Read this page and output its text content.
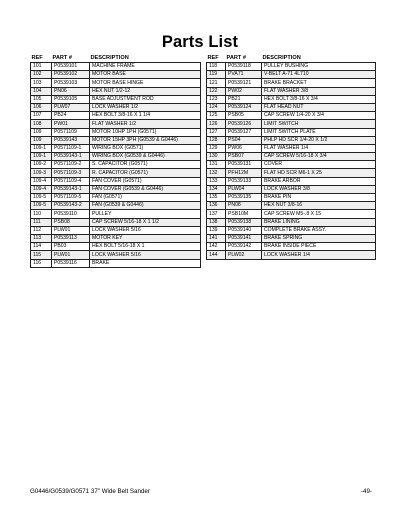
Parts List
REF	PART #	DESCRIPTION
101	P0539101	MACHINE FRAME
102	P0539102	MOTOR BASE
103	P0539103	MOTOR BASE HINGE
104	PN06	HEX NUT 1/2-12
105	P0539105	BASE ADJUSTMENT ROD
106	PLW07	LOCK WASHER 1/2
107	PB24	HEX BOLT 3/8-16 X 1 1/4
108	PW01	FLAT WASHER 1/2
109	P0571109	MOTOR 10HP 1PH (G0571)
109	P0539143	MOTOR 15HP 3PH (G0539 & G0446)
109-1	P0571109-1	WIRING BOX (G0571)
109-1	P0539143-1	WIRING BOX (G0539 & G0446)
109-2	P0571109-2	S. CAPACITOR (G0571)
109-3	P0571109-3	R. CAPACITOR (G0571)
109-4	P0571109-4	FAN COVER (G0571)
109-4	P0539143-1	FAN COVER (G0539 & G0446)
109-5	P0571109-5	FAN (G0571)
109-5	P0539143-2	FAN (G0539 & G0446)
110	P0539110	PULLEY
111	PSB08	CAP SCREW 5/16-18 X 1 1/2
112	PLW01	LOCK WASHER 5/16
113	P0539113	MOTOR KEY
114	PB03	HEX BOLT 5/16-18 X 1
115	PLW01	LOCK WASHER 5/16
116	P0539116	BRAKE
REF	PART #	DESCRIPTION
118	P0539118	PULLEY BUSHING
119	PVA71	V-BELT A-71 4L710
121	P0539121	BRAKE BRACKET
122	PW02	FLAT WASHER 3/8
123	PB21	HEX BOLT 3/8-16 X 3/4
124	P0539124	FLAT HEAD NUT
125	PSB05	CAP SCREW 1/4-20 X 3/4
126	P0539126	LIMIT SWITCH
127	P0539127	LIMIT SWITCH PLATE
128	PS04	PHLP HD SCR 1/4-20 X 1/2
129	PW06	FLAT WASHER 1/4
130	PSB07	CAP SCREW 5/16-18 X 3/4
131	P0539131	COVER
132	PFH12M	FLAT HD SCR M6-1 X 25
133	P0539133	BRAKE ARBOR
134	PLW04	LOCK WASHER 3/8
135	P0539135	BRAKE PIN
136	PN08	HEX NUT 3/8-16
137	PSB10M	CAP SCREW M5-.8 X 15
138	P0539138	BRAKE LINING
139	P0539140	COMPLETE BRAKE ASSY.
141	P0539141	BRAKE SPRING
142	P0539142	BRAKE INSIDE PIECE
144	PLW02	LOCK WASHER 1/4
G0446/G0539/G0571 37" Wide Belt Sander	-49-
